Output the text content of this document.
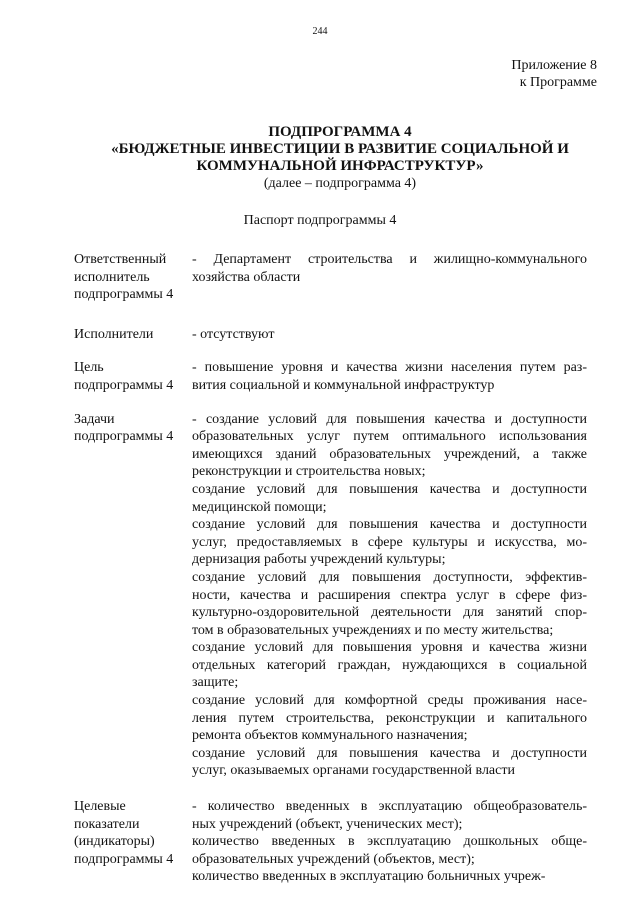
244
Приложение 8
к Программе
ПОДПРОГРАММА 4
«БЮДЖЕТНЫЕ ИНВЕСТИЦИИ В РАЗВИТИЕ СОЦИАЛЬНОЙ И
КОММУНАЛЬНОЙ ИНФРАСТРУКТУР»
(далее – подпрограмма 4)
Паспорт подпрограммы 4
Ответственный
исполнитель
подпрограммы 4
- Департамент строительства и жилищно-коммунального
хозяйства области
Исполнители	- отсутствуют
Цель
подпрограммы 4
- повышение уровня и качества жизни населения путем раз-
вития социальной и коммунальной инфраструктур
Задачи
подпрограммы 4
- создание условий для повышения качества и доступности
образовательных услуг путем оптимального использования
имеющихся зданий образовательных учреждений, а также
реконструкции и строительства новых;
создание условий для повышения качества и доступности
медицинской помощи;
создание условий для повышения качества и доступности
услуг, предоставляемых в сфере культуры и искусства, мо-
дернизация работы учреждений культуры;
создание условий для повышения доступности, эффектив-
ности, качества и расширения спектра услуг в сфере физ-
культурно-оздоровительной деятельности для занятий спор-
том в образовательных учреждениях и по месту жительства;
создание условий для повышения уровня и качества жизни
отдельных категорий граждан, нуждающихся в социальной
защите;
создание условий для комфортной среды проживания насе-
ления путем строительства, реконструкции и капитального
ремонта объектов коммунального назначения;
создание условий для повышения качества и доступности
услуг, оказываемых органами государственной власти
Целевые
показатели
(индикаторы)
подпрограммы 4
- количество введенных в эксплуатацию общеобразователь-
ных учреждений (объект, ученических мест);
количество введенных в эксплуатацию дошкольных обще-
образовательных учреждений (объектов, мест);
количество введенных в эксплуатацию больничных учреж-
